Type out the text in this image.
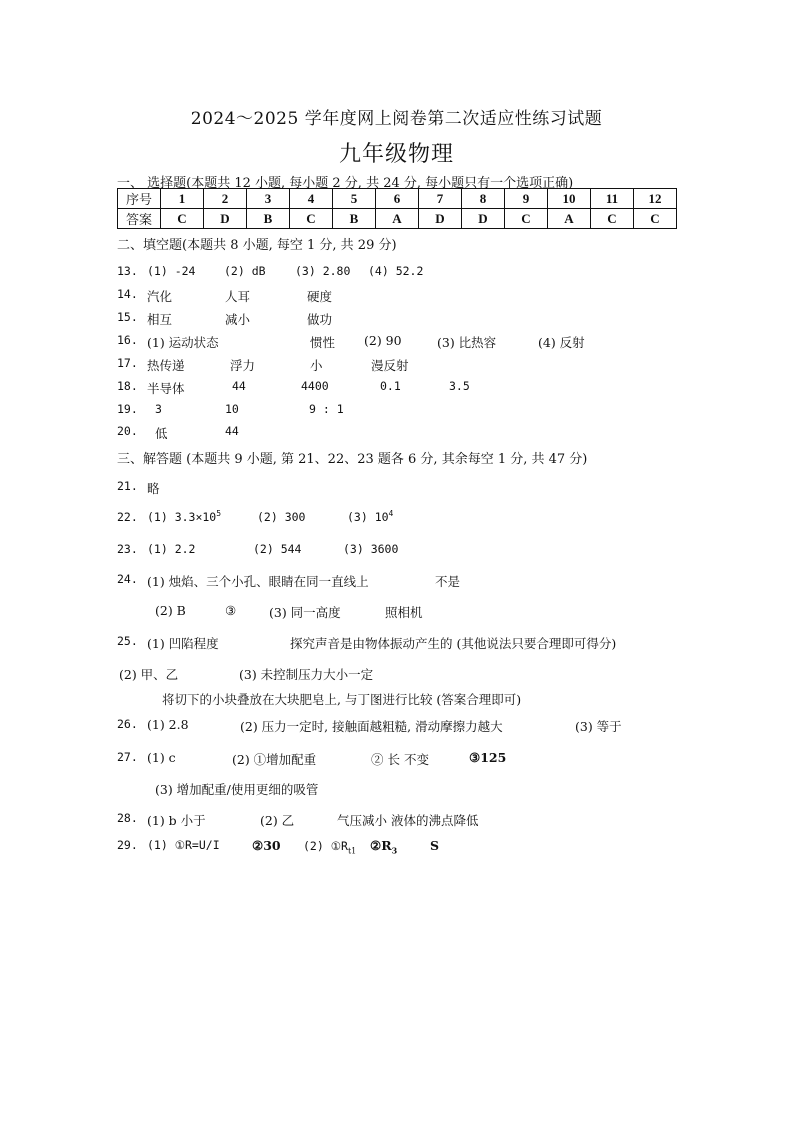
2024～2025 学年度网上阅卷第二次适应性练习试题
九年级物理
一、 选择题(本题共 12 小题, 每小题 2 分, 共 24 分, 每小题只有一个选项正确)
序号	1	2	3	4	5	6	7	8	9	10	11	12
答案	C	D	B	C	B	A	D	D	C	A	C	C
二、填空题(本题共 8 小题, 每空 1 分, 共 29 分)
13. (1) -24 (2) dB	(3) 2.80 (4) 52.2
14. 汽化	人耳	硬度
15. 相互	减小	做功
16. (1) 运动状态	惯性 (2) 90	(3) 比热容	(4) 反射
17. 热传递	浮力	小	漫反射
18. 半导体	44	4400	0.1	3.5
19. 3	10	9 : 1
20. 低	44
三、解答题 (本题共 9 小题, 第 21、22、23 题各 6 分, 其余每空 1 分, 共 47 分)
21. 略
22. (1) $3.3\times 10^5$	(2) 300	(3) $10^4$
23. (1) 2.2	(2) 544	(3) 3600
24. (1) 烛焰、三个小孔、眼睛在同一直线上	不是
(2) B	③	(3) 同一高度	照相机
25. (1) 凹陷程度	探究声音是由物体振动产生的 (其他说法只要合理即可得分)
(2) 甲、乙	(3) 未控制压力大小一定
将切下的小块叠放在大块肥皂上, 与丁图进行比较 (答案合理即可)
26. (1) 2.8	(2) 压力一定时, 接触面越粗糙, 滑动摩擦力越大	(3) 等于
27. (1) c	(2) ①增加配重	② 长 不变	③125
(3) 增加配重/使用更细的吸管
28. (1) b 小于	(2) 乙	气压减小 液体的沸点降低
29. (1) ①R=U/I	②30 (2) $①R_{t1}$ $②R_3$	S
